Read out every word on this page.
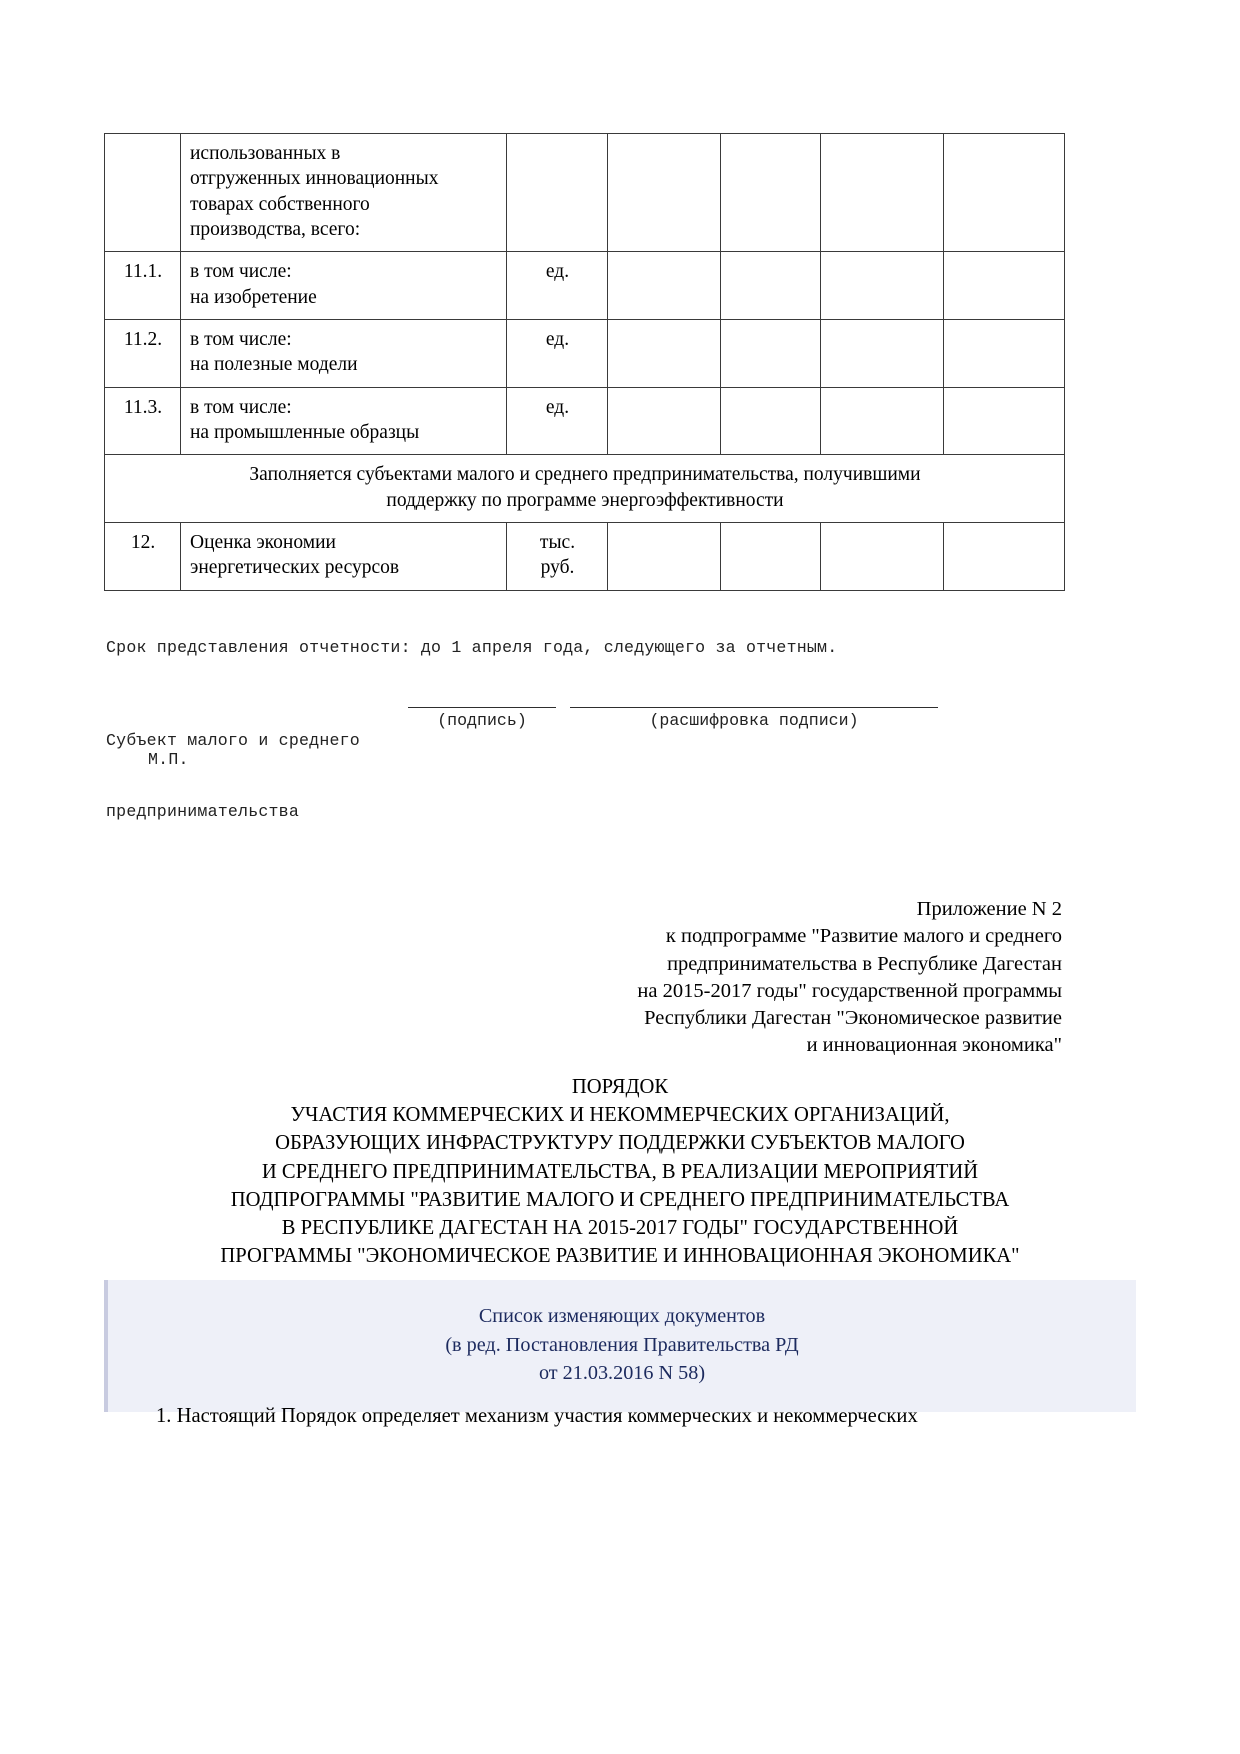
	использованных в
отгруженных инновационных
товарах собственного
производства, всего:					

11.1.	в том числе:
на изобретение	ед.				
11.2.	в том числе:
на полезные модели	ед.				
11.3.	в том числе:
на промышленные образцы	ед.				

Заполняется субъектами малого и среднего предпринимательства, получившими
поддержку по программе энергоэффективности						

12.	Оценка экономии
энергетических ресурсов	тыс.
руб.				

Срок представления отчетности: до 1 апреля года, следующего за отчетным.

Субъект малого и среднего

предпринимательства

(подпись)	(расшифровка подписи)
М.П.
Приложение N 2
к подпрограмме "Развитие малого и среднего
предпринимательства в Республике Дагестан
на 2015-2017 годы" государственной программы
Республики Дагестан "Экономическое развитие
и инновационная экономика"
ПОРЯДОК
УЧАСТИЯ КОММЕРЧЕСКИХ И НЕКОММЕРЧЕСКИХ ОРГАНИЗАЦИЙ,
ОБРАЗУЮЩИХ ИНФРАСТРУКТУРУ ПОДДЕРЖКИ СУБЪЕКТОВ МАЛОГО
И СРЕДНЕГО ПРЕДПРИНИМАТЕЛЬСТВА, В РЕАЛИЗАЦИИ МЕРОПРИЯТИЙ
ПОДПРОГРАММЫ "РАЗВИТИЕ МАЛОГО И СРЕДНЕГО ПРЕДПРИНИМАТЕЛЬСТВА
В РЕСПУБЛИКЕ ДАГЕСТАН НА 2015-2017 ГОДЫ" ГОСУДАРСТВЕННОЙ
ПРОГРАММЫ "ЭКОНОМИЧЕСКОЕ РАЗВИТИЕ И ИННОВАЦИОННАЯ ЭКОНОМИКА"
Список изменяющих документов
(в ред. Постановления Правительства РД
от 21.03.2016 N 58)
1. Настоящий Порядок определяет механизм участия коммерческих и некоммерческих
